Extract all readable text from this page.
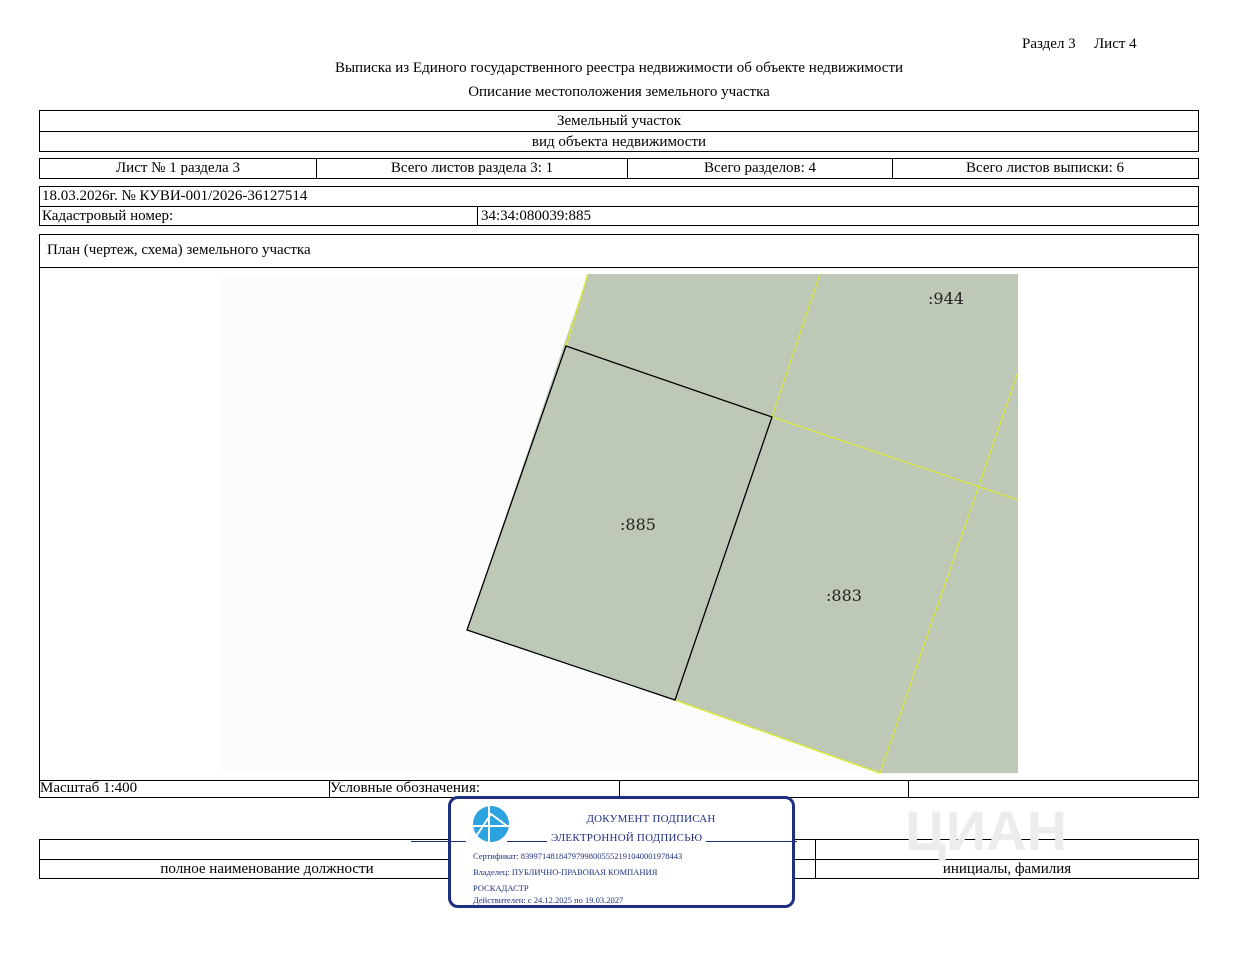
Раздел 3 Лист 4
Выписка из Единого государственного реестра недвижимости об объекте недвижимости
Описание местоположения земельного участка
Земельный участок
вид объекта недвижимости
Лист № 1 раздела 3	Всего листов раздела 3: 1	Всего разделов: 4	Всего листов выписки: 6
18.03.2026г. № КУВИ-001/2026-36127514
Кадастровый номер:	34:34:080039:885
План (чертеж, схема) земельного участка
:944
:885
:883
Масштаб 1:400	Условные обозначения:
полное наименование должности	инициалы, фамилия
ЦИАН
ДОКУМЕНТ ПОДПИСАН
ЭЛЕКТРОННОЙ ПОДПИСЬЮ
Сертификат: 839971481847979980055521910400019784​43
Владелец: ПУБЛИЧНО-ПРАВОВАЯ КОМПАНИЯ
РОСКАДАСТР
Действителен: с 24.12.2025 по 19.03.2027
